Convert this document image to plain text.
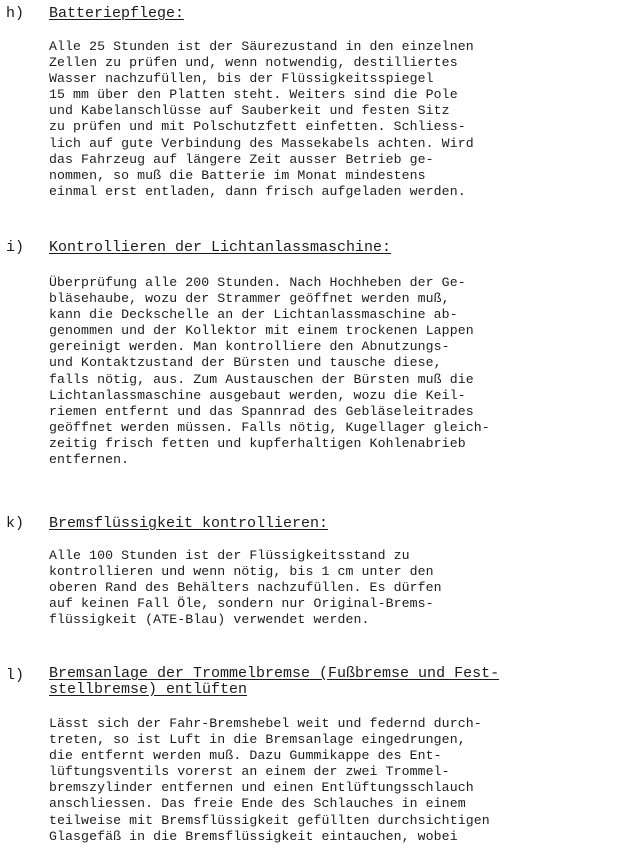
h) Batteriepflege:
Alle 25 Stunden ist der Säurezustand in den einzelnen
Zellen zu prüfen und, wenn notwendig, destilliertes
Wasser nachzufüllen, bis der Flüssigkeitsspiegel
15 mm über den Platten steht. Weiters sind die Pole
und Kabelanschlüsse auf Sauberkeit und festen Sitz
zu prüfen und mit Polschutzfett einfetten. Schliess-
lich auf gute Verbindung des Massekabels achten. Wird
das Fahrzeug auf längere Zeit ausser Betrieb ge-
nommen, so muß die Batterie im Monat mindestens
einmal erst entladen, dann frisch aufgeladen werden.
i) Kontrollieren der Lichtanlassmaschine:
Überprüfung alle 200 Stunden. Nach Hochheben der Ge-
bläsehaube, wozu der Strammer geöffnet werden muß,
kann die Deckschelle an der Lichtanlassmaschine ab-
genommen und der Kollektor mit einem trockenen Lappen
gereinigt werden. Man kontrolliere den Abnutzungs-
und Kontaktzustand der Bürsten und tausche diese,
falls nötig, aus. Zum Austauschen der Bürsten muß die
Lichtanlassmaschine ausgebaut werden, wozu die Keil-
riemen entfernt und das Spannrad des Gebläseleitrades
geöffnet werden müssen. Falls nötig, Kugellager gleich-
zeitig frisch fetten und kupferhaltigen Kohlenabrieb
entfernen.
k) Bremsflüssigkeit kontrollieren:
Alle 100 Stunden ist der Flüssigkeitsstand zu
kontrollieren und wenn nötig, bis 1 cm unter den
oberen Rand des Behälters nachzufüllen. Es dürfen
auf keinen Fall Öle, sondern nur Original-Brems-
flüssigkeit (ATE-Blau) verwendet werden.
l) Bremsanlage der Trommelbremse (Fußbremse und Fest-
stellbremse) entlüften
Lässt sich der Fahr-Bremshebel weit und federnd durch-
treten, so ist Luft in die Bremsanlage eingedrungen,
die entfernt werden muß. Dazu Gummikappe des Ent-
lüftungsventils vorerst an einem der zwei Trommel-
bremszylinder entfernen und einen Entlüftungsschlauch
anschliessen. Das freie Ende des Schlauches in einem
teilweise mit Bremsflüssigkeit gefüllten durchsichtigen
Glasgefäß in die Bremsflüssigkeit eintauchen, wobei
